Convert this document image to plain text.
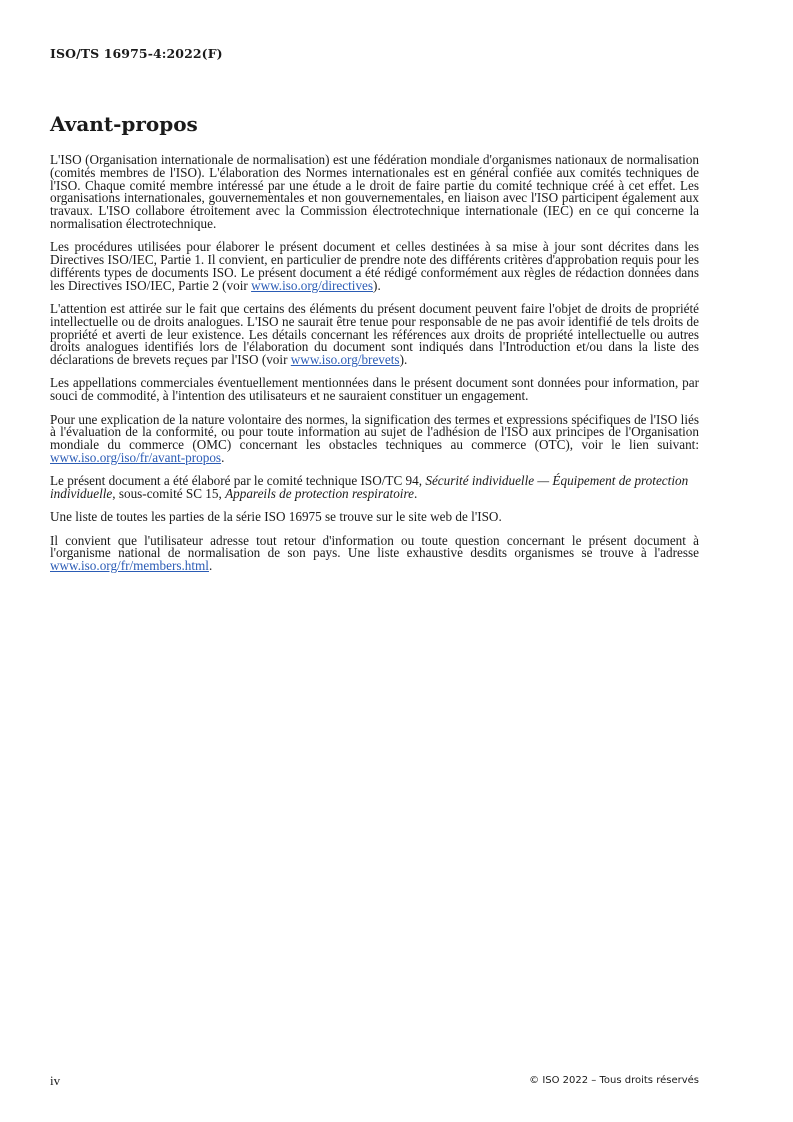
ISO/TS 16975-4:2022(F)
Avant-propos

L'ISO (Organisation internationale de normalisation) est une fédération mondiale d'organismes nationaux de normalisation (comités membres de l'ISO). L'élaboration des Normes internationales est en général confiée aux comités techniques de l'ISO. Chaque comité membre intéressé par une étude a le droit de faire partie du comité technique créé à cet effet. Les organisations internationales, gouvernementales et non gouvernementales, en liaison avec l'ISO participent également aux travaux. L'ISO collabore étroitement avec la Commission électrotechnique internationale (IEC) en ce qui concerne la normalisation électrotechnique.

Les procédures utilisées pour élaborer le présent document et celles destinées à sa mise à jour sont décrites dans les Directives ISO/IEC, Partie 1. Il convient, en particulier de prendre note des différents critères d'approbation requis pour les différents types de documents ISO. Le présent document a été rédigé conformément aux règles de rédaction données dans les Directives ISO/IEC, Partie 2 (voir www.iso.org/directives).

L'attention est attirée sur le fait que certains des éléments du présent document peuvent faire l'objet de droits de propriété intellectuelle ou de droits analogues. L'ISO ne saurait être tenue pour responsable de ne pas avoir identifié de tels droits de propriété et averti de leur existence. Les détails concernant les références aux droits de propriété intellectuelle ou autres droits analogues identifiés lors de l'élaboration du document sont indiqués dans l'Introduction et/ou dans la liste des déclarations de brevets reçues par l'ISO (voir www.iso.org/brevets).

Les appellations commerciales éventuellement mentionnées dans le présent document sont données pour information, par souci de commodité, à l'intention des utilisateurs et ne sauraient constituer un engagement.

Pour une explication de la nature volontaire des normes, la signification des termes et expressions spécifiques de l'ISO liés à l'évaluation de la conformité, ou pour toute information au sujet de l'adhésion de l'ISO aux principes de l'Organisation mondiale du commerce (OMC) concernant les obstacles techniques au commerce (OTC), voir le lien suivant: www.iso.org/iso/fr/avant-propos.

Le présent document a été élaboré par le comité technique ISO/TC 94, Sécurité individuelle — Équipement de protection individuelle, sous-comité SC 15, Appareils de protection respiratoire.

Une liste de toutes les parties de la série ISO 16975 se trouve sur le site web de l'ISO.

Il convient que l'utilisateur adresse tout retour d'information ou toute question concernant le présent document à l'organisme national de normalisation de son pays. Une liste exhaustive desdits organismes se trouve à l'adresse www.iso.org/fr/members.html.

iv	© ISO 2022 – Tous droits réservés
